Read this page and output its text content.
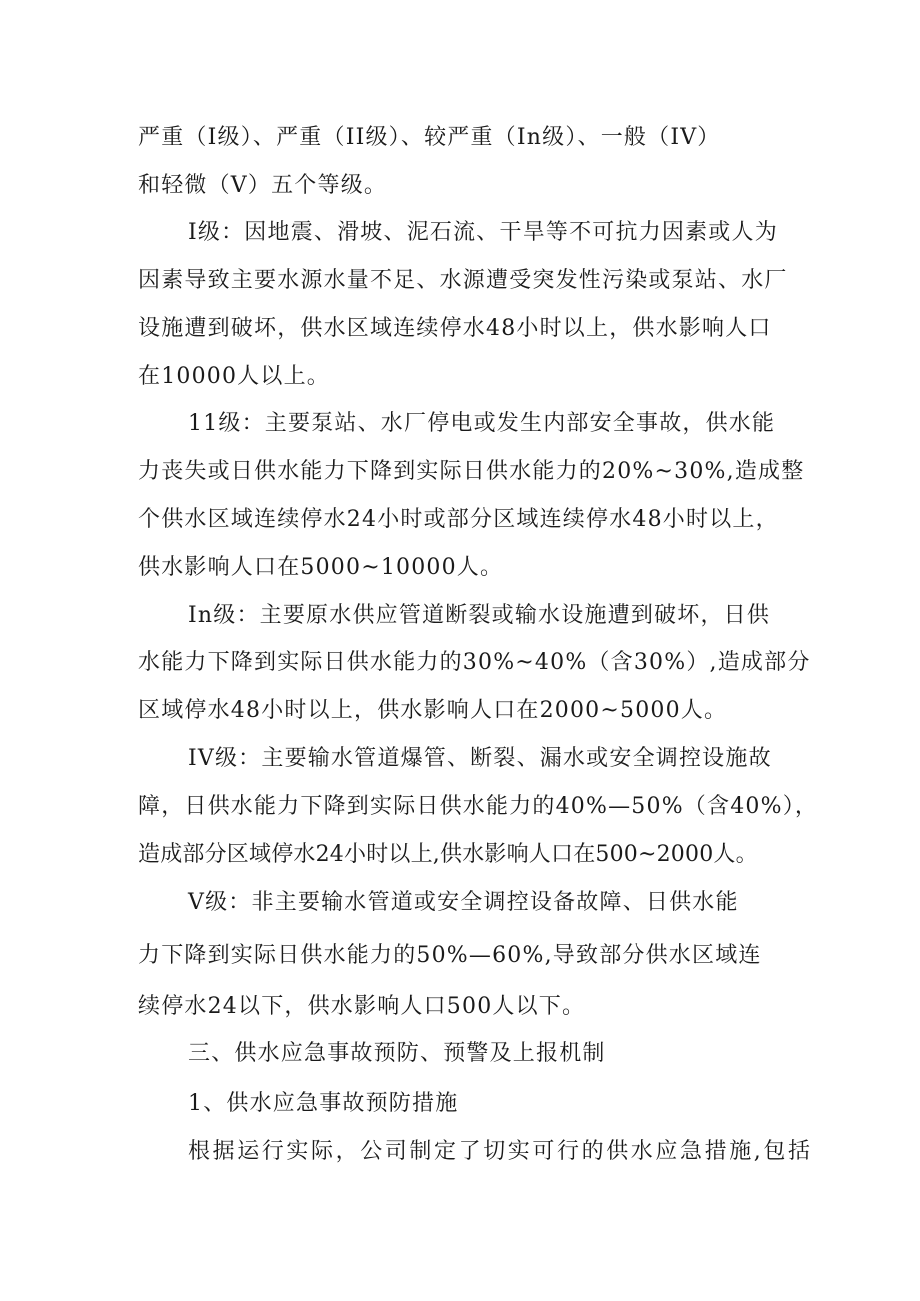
严重（I级）、严重（II级）、较严重（In级）、一般（IV）
和轻微（V）五个等级。
I级：因地震、滑坡、泥石流、干旱等不可抗力因素或人为
因素导致主要水源水量不足、水源遭受突发性污染或泵站、水厂
设施遭到破坏，供水区域连续停水48小时以上，供水影响人口
在10000人以上。
11级：主要泵站、水厂停电或发生内部安全事故，供水能
力丧失或日供水能力下降到实际日供水能力的20%~30%,造成整
个供水区域连续停水24小时或部分区域连续停水48小时以上，
供水影响人口在5000~10000人。
In级：主要原水供应管道断裂或输水设施遭到破坏，日供
水能力下降到实际日供水能力的30%~40%（含30%）,造成部分
区域停水48小时以上，供水影响人口在2000~5000人。
IV级：主要输水管道爆管、断裂、漏水或安全调控设施故
障，日供水能力下降到实际日供水能力的40%—50%（含40%），
造成部分区域停水24小时以上,供水影响人口在500~2000人。
V级：非主要输水管道或安全调控设备故障、日供水能
力下降到实际日供水能力的50%—60%,导致部分供水区域连
续停水24以下，供水影响人口500人以下。
三、供水应急事故预防、预警及上报机制
1、供水应急事故预防措施
根据运行实际，公司制定了切实可行的供水应急措施,包括
